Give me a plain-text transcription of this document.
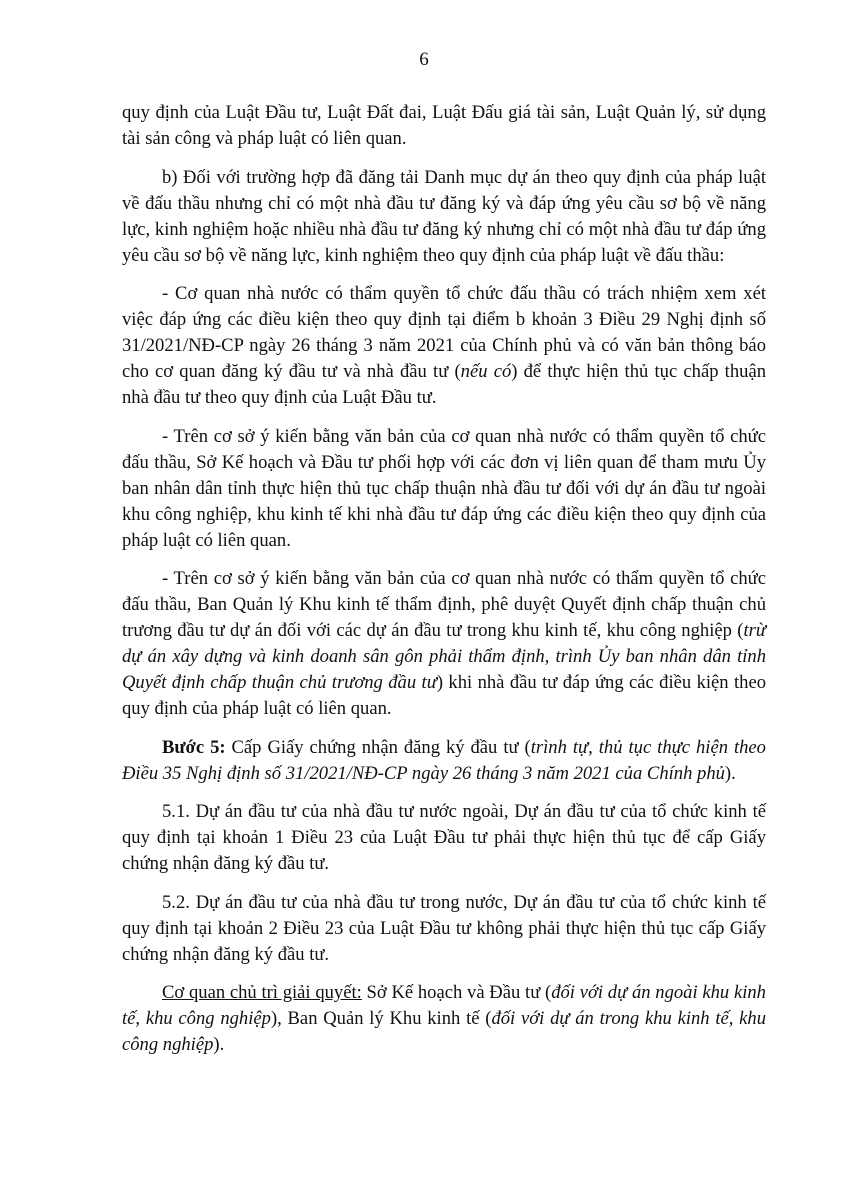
6

quy định của Luật Đầu tư, Luật Đất đai, Luật Đấu giá tài sản, Luật Quản lý, sử dụng tài sản công và pháp luật có liên quan.

b) Đối với trường hợp đã đăng tải Danh mục dự án theo quy định của pháp luật về đấu thầu nhưng chỉ có một nhà đầu tư đăng ký và đáp ứng yêu cầu sơ bộ về năng lực, kinh nghiệm hoặc nhiều nhà đầu tư đăng ký nhưng chỉ có một nhà đầu tư đáp ứng yêu cầu sơ bộ về năng lực, kinh nghiệm theo quy định của pháp luật về đấu thầu:

- Cơ quan nhà nước có thẩm quyền tổ chức đấu thầu có trách nhiệm xem xét việc đáp ứng các điều kiện theo quy định tại điểm b khoản 3 Điều 29 Nghị định số 31/2021/NĐ-CP ngày 26 tháng 3 năm 2021 của Chính phủ và có văn bản thông báo cho cơ quan đăng ký đầu tư và nhà đầu tư (nếu có) để thực hiện thủ tục chấp thuận nhà đầu tư theo quy định của Luật Đầu tư.

- Trên cơ sở ý kiến bằng văn bản của cơ quan nhà nước có thẩm quyền tổ chức đấu thầu, Sở Kế hoạch và Đầu tư phối hợp với các đơn vị liên quan để tham mưu Ủy ban nhân dân tỉnh thực hiện thủ tục chấp thuận nhà đầu tư đối với dự án đầu tư ngoài khu công nghiệp, khu kinh tế khi nhà đầu tư đáp ứng các điều kiện theo quy định của pháp luật có liên quan.

- Trên cơ sở ý kiến bằng văn bản của cơ quan nhà nước có thẩm quyền tổ chức đấu thầu, Ban Quản lý Khu kinh tế thẩm định, phê duyệt Quyết định chấp thuận chủ trương đầu tư dự án đối với các dự án đầu tư trong khu kinh tế, khu công nghiệp (trừ dự án xây dựng và kinh doanh sân gôn phải thẩm định, trình Ủy ban nhân dân tỉnh Quyết định chấp thuận chủ trương đầu tư) khi nhà đầu tư đáp ứng các điều kiện theo quy định của pháp luật có liên quan.

Bước 5: Cấp Giấy chứng nhận đăng ký đầu tư (trình tự, thủ tục thực hiện theo Điều 35 Nghị định số 31/2021/NĐ-CP ngày 26 tháng 3 năm 2021 của Chính phủ).

5.1. Dự án đầu tư của nhà đầu tư nước ngoài, Dự án đầu tư của tổ chức kinh tế quy định tại khoản 1 Điều 23 của Luật Đầu tư phải thực hiện thủ tục để cấp Giấy chứng nhận đăng ký đầu tư.

5.2. Dự án đầu tư của nhà đầu tư trong nước, Dự án đầu tư của tổ chức kinh tế quy định tại khoản 2 Điều 23 của Luật Đầu tư không phải thực hiện thủ tục cấp Giấy chứng nhận đăng ký đầu tư.

Cơ quan chủ trì giải quyết: Sở Kế hoạch và Đầu tư (đối với dự án ngoài khu kinh tế, khu công nghiệp), Ban Quản lý Khu kinh tế (đối với dự án trong khu kinh tế, khu công nghiệp).
